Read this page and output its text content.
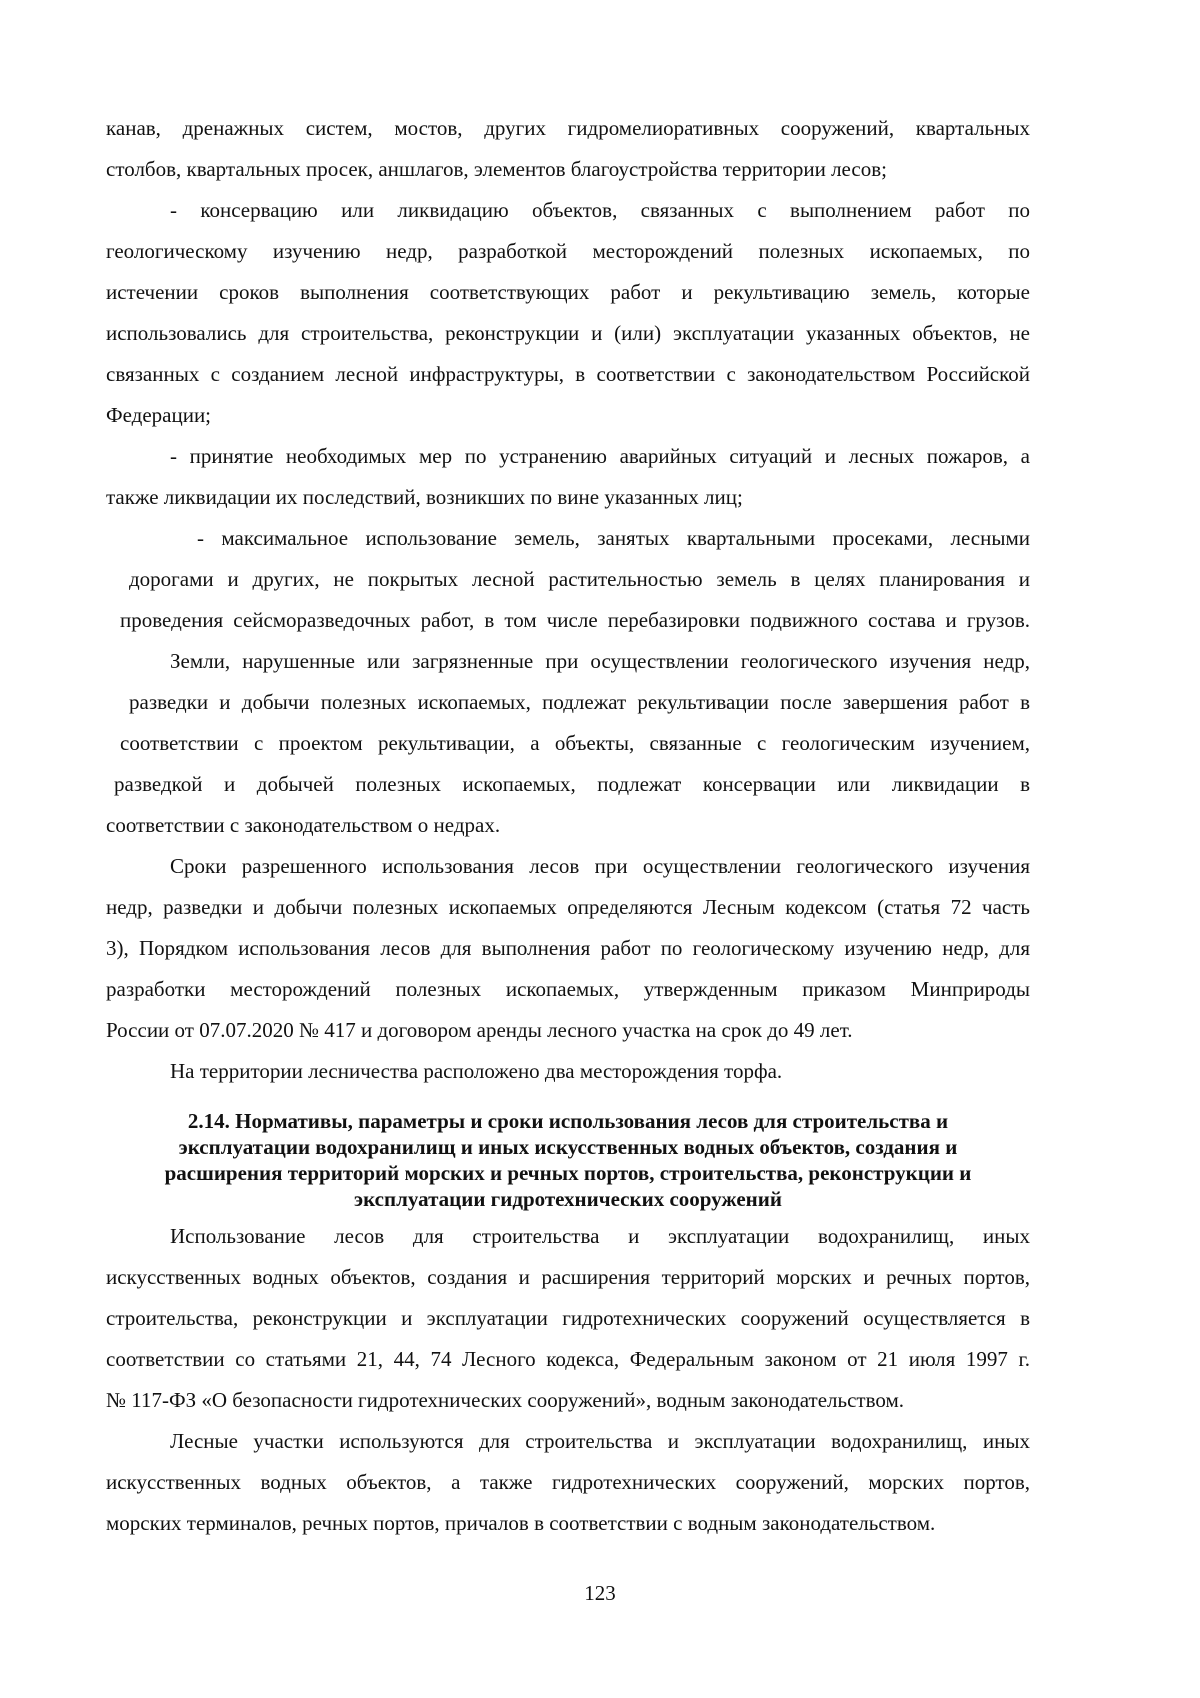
канав, дренажных систем, мостов, других гидромелиоративных сооружений, квартальных
столбов, квартальных просек, аншлагов, элементов благоустройства территории лесов;
- консервацию или ликвидацию объектов, связанных с выполнением работ по
геологическому изучению недр, разработкой месторождений полезных ископаемых, по
истечении сроков выполнения соответствующих работ и рекультивацию земель, которые
использовались для строительства, реконструкции и (или) эксплуатации указанных объектов, не
связанных с созданием лесной инфраструктуры, в соответствии с законодательством Российской
Федерации;
- принятие необходимых мер по устранению аварийных ситуаций и лесных пожаров, а
также ликвидации их последствий, возникших по вине указанных лиц;
- максимальное использование земель, занятых квартальными просеками, лесными
дорогами и других, не покрытых лесной растительностью земель в целях планирования и
проведения сейсморазведочных работ, в том числе перебазировки подвижного состава и грузов.
Земли, нарушенные или загрязненные при осуществлении геологического изучения недр,
разведки и добычи полезных ископаемых, подлежат рекультивации после завершения работ в
соответствии с проектом рекультивации, а объекты, связанные с геологическим изучением,
разведкой и добычей полезных ископаемых, подлежат консервации или ликвидации в
соответствии с законодательством о недрах.
Сроки разрешенного использования лесов при осуществлении геологического изучения
недр, разведки и добычи полезных ископаемых определяются Лесным кодексом (статья 72 часть
3), Порядком использования лесов для выполнения работ по геологическому изучению недр, для
разработки месторождений полезных ископаемых, утвержденным приказом Минприроды
России от 07.07.2020 № 417 и договором аренды лесного участка на срок до 49 лет.
На территории лесничества расположено два месторождения торфа.
2.14. Нормативы, параметры и сроки использования лесов для строительства и
эксплуатации водохранилищ и иных искусственных водных объектов, создания и
расширения территорий морских и речных портов, строительства, реконструкции и
эксплуатации гидротехнических сооружений
Использование лесов для строительства и эксплуатации водохранилищ, иных
искусственных водных объектов, создания и расширения территорий морских и речных портов,
строительства, реконструкции и эксплуатации гидротехнических сооружений осуществляется в
соответствии со статьями 21, 44, 74 Лесного кодекса, Федеральным законом от 21 июля 1997 г.
№ 117-ФЗ «О безопасности гидротехнических сооружений», водным законодательством.
Лесные участки используются для строительства и эксплуатации водохранилищ, иных
искусственных водных объектов, а также гидротехнических сооружений, морских портов,
морских терминалов, речных портов, причалов в соответствии с водным законодательством.
123
